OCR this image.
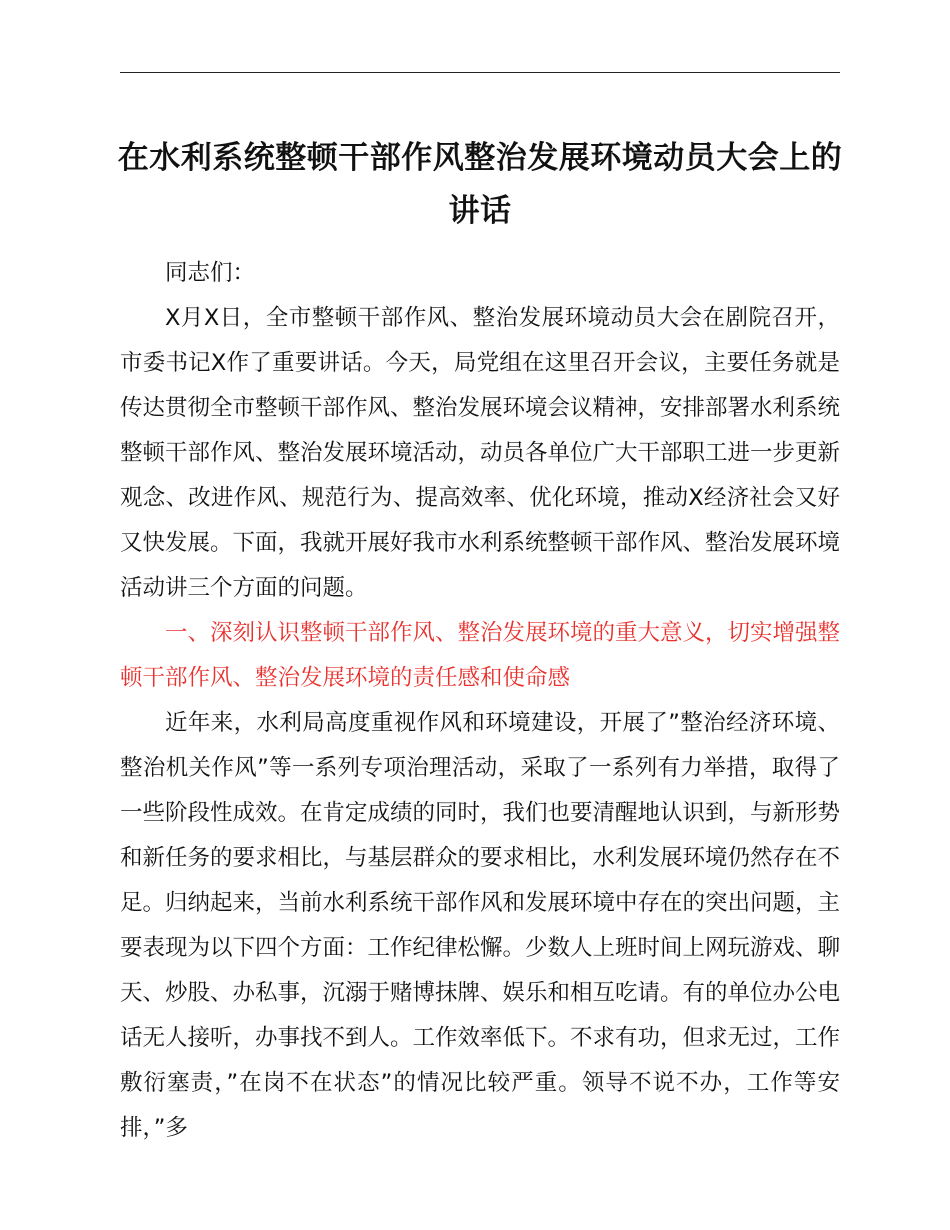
在水利系统整顿干部作风整治发展环境动员大会上的讲话

同志们：

X月X日，全市整顿干部作风、整治发展环境动员大会在剧院召开，市委书记X作了重要讲话。今天，局党组在这里召开会议，主要任务就是传达贯彻全市整顿干部作风、整治发展环境会议精神，安排部署水利系统整顿干部作风、整治发展环境活动，动员各单位广大干部职工进一步更新观念、改进作风、规范行为、提高效率、优化环境，推动X经济社会又好又快发展。下面，我就开展好我市水利系统整顿干部作风、整治发展环境活动讲三个方面的问题。

一、深刻认识整顿干部作风、整治发展环境的重大意义，切实增强整顿干部作风、整治发展环境的责任感和使命感

近年来，水利局高度重视作风和环境建设，开展了”整治经济环境、整治机关作风”等一系列专项治理活动，采取了一系列有力举措，取得了一些阶段性成效。在肯定成绩的同时，我们也要清醒地认识到，与新形势和新任务的要求相比，与基层群众的要求相比，水利发展环境仍然存在不足。归纳起来，当前水利系统干部作风和发展环境中存在的突出问题，主要表现为以下四个方面：工作纪律松懈。少数人上班时间上网玩游戏、聊天、炒股、办私事，沉溺于赌博抹牌、娱乐和相互吃请。有的单位办公电话无人接听，办事找不到人。工作效率低下。不求有功，但求无过，工作敷衍塞责，”在岗不在状态”的情况比较严重。领导不说不办，工作等安排，”多
